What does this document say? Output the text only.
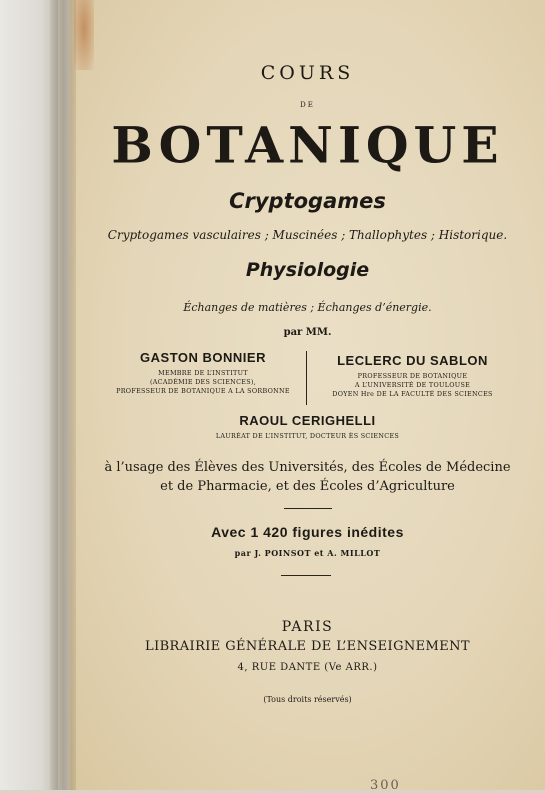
COURS
DE
BOTANIQUE
Cryptogames
Cryptogames vasculaires ; Muscinées ; Thallophytes ; Historique.
Physiologie
Échanges de matières ; Échanges d’énergie.
par MM.
GASTON BONNIER
MEMBRE DE L’INSTITUT
(ACADÉMIE DES SCIENCES),
PROFESSEUR DE BOTANIQUE A LA SORBONNE
LECLERC DU SABLON
PROFESSEUR DE BOTANIQUE
A L’UNIVERSITÉ DE TOULOUSE
DOYEN Hre DE LA FACULTÉ DES SCIENCES
RAOUL CERIGHELLI
LAURÉAT DE L’INSTITUT, DOCTEUR ÈS SCIENCES
à l’usage des Élèves des Universités, des Écoles de Médecine
et de Pharmacie, et des Écoles d’Agriculture
Avec 1 420 figures inédites
par J. POINSOT et A. MILLOT
PARIS
LIBRAIRIE GÉNÉRALE DE L’ENSEIGNEMENT
4, RUE DANTE (Ve ARR.)
(Tous droits réservés)
300
